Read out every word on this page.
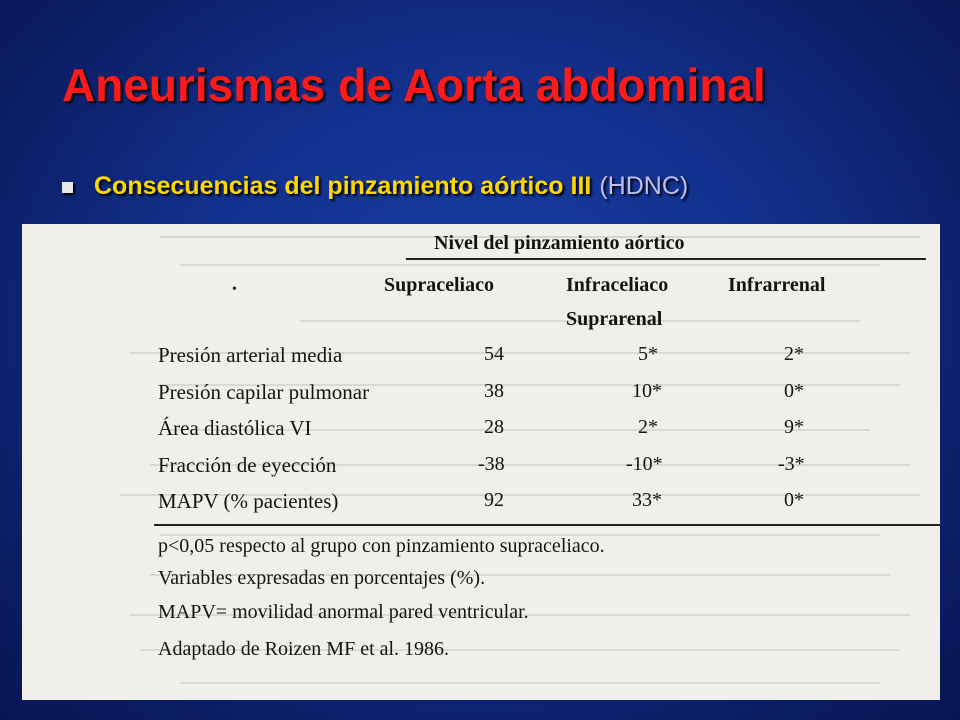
Aneurismas de Aorta abdominal
Consecuencias del pinzamiento aórtico III (HDNC)
Nivel del pinzamiento aórtico
•	Supraceliaco	Infraceliaco	Infrarrenal
Suprarenal
Presión arterial media	54	5*	2*
Presión capilar pulmonar	38	10*	0*
Área diastólica VI	28	2*	9*
Fracción de eyección	-38	-10*	-3*
MAPV (% pacientes)	92	33*	0*
p<0,05 respecto al grupo con pinzamiento supraceliaco.
Variables expresadas en porcentajes (%).
MAPV= movilidad anormal pared ventricular.
Adaptado de Roizen MF et al. 1986.
